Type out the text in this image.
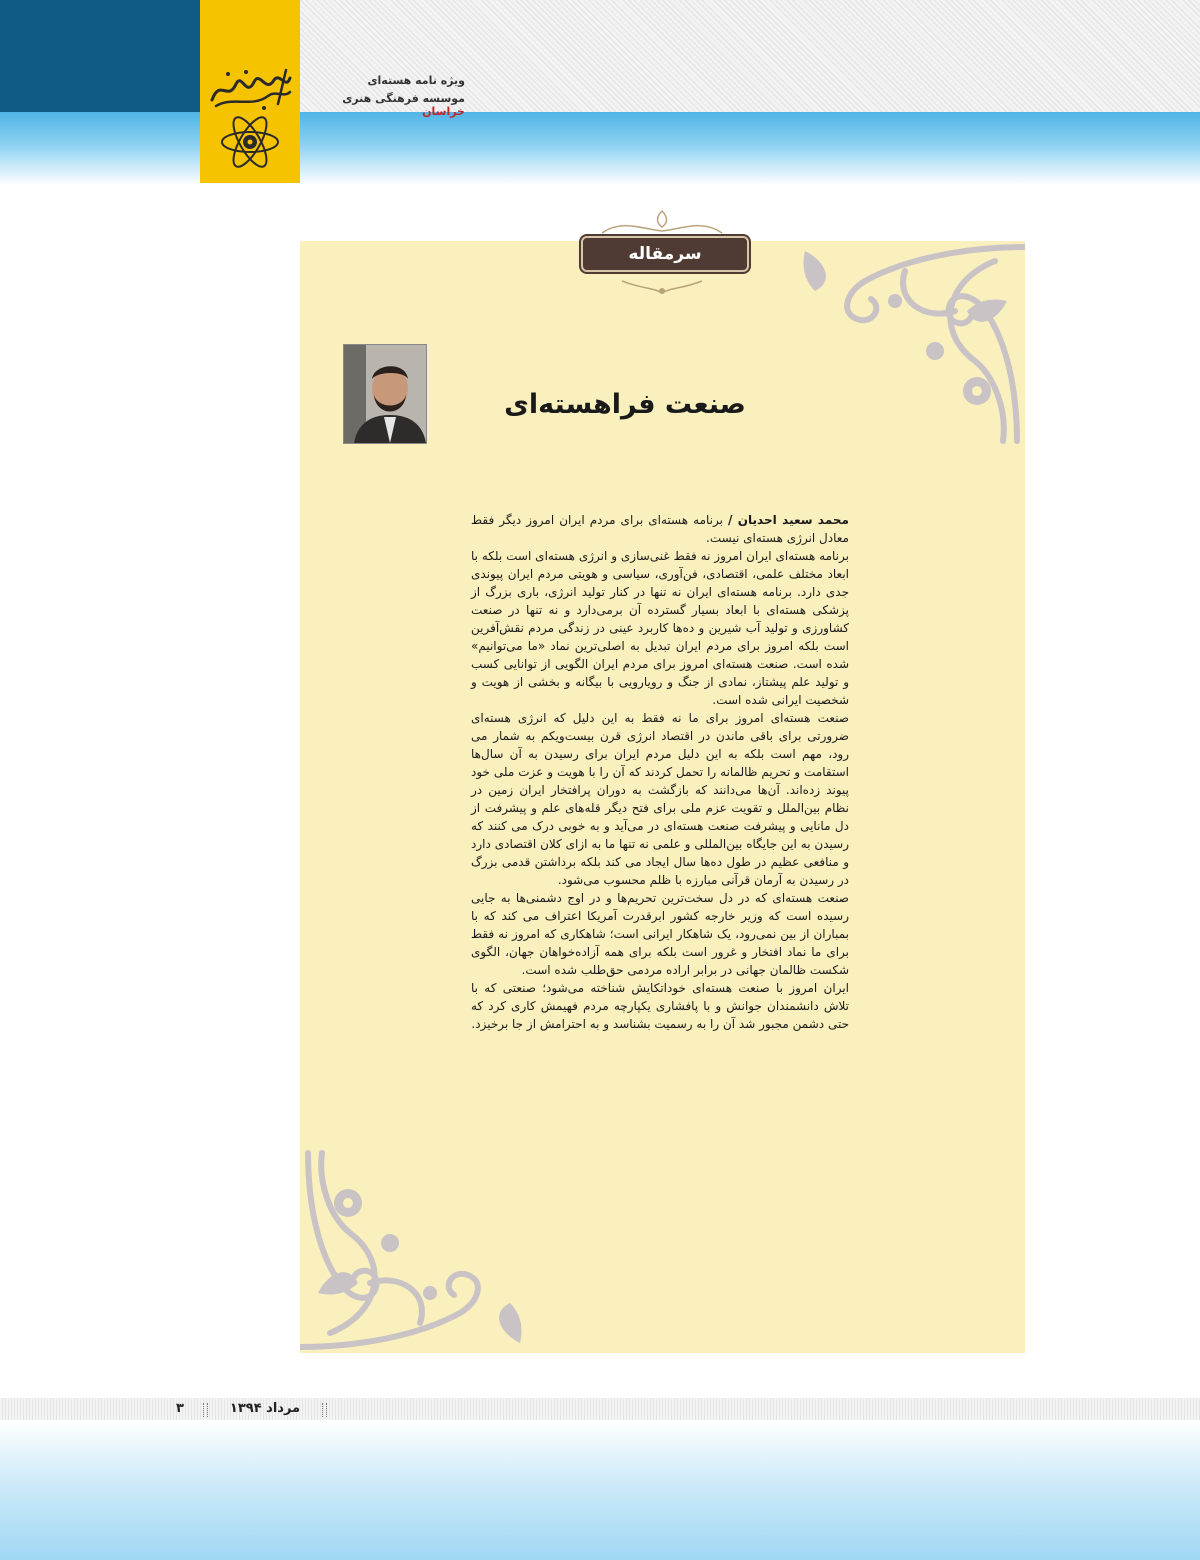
ویژه نامه هسته‌ای
موسسه فرهنگی هنری خراسان
سرمقاله
صنعت فراهسته‌ای

محمد سعید احدیان / برنامه هسته‌ای برای مردم ایران امروز دیگر فقط معادل انرژی هسته‌ای نیست.

برنامه هسته‌ای ایران امروز نه فقط غنی‌سازی و انرژی هسته‌ای است بلکه با ابعاد مختلف علمی، اقتصادی، فن‌آوری، سیاسی و هویتی مردم ایران پیوندی جدی دارد. برنامه هسته‌ای ایران نه تنها در کنار تولید انرژی، باری بزرگ از پزشکی هسته‌ای با ابعاد بسیار گسترده آن برمی‌دارد و نه تنها در صنعت کشاورزی و تولید آب شیرین و ده‌ها کاربرد عینی در زندگی مردم نقش‌آفرین است بلکه امروز برای مردم ایران تبدیل به اصلی‌ترین نماد «ما می‌توانیم» شده است. صنعت هسته‌ای امروز برای مردم ایران الگویی از توانایی کسب و تولید علم پیشتاز، نمادی از جنگ و رویارویی با بیگانه و بخشی از هویت و شخصیت ایرانی شده است.

صنعت هسته‌ای امروز برای ما نه فقط به این دلیل که انرژی هسته‌ای ضرورتی برای باقی ماندن در اقتصاد انرژی قرن بیست‌ویکم به شمار می رود، مهم است بلکه به این دلیل مردم ایران برای رسیدن به آن سال‌ها استقامت و تحریم ظالمانه را تحمل کردند که آن را با هویت و عزت ملی خود پیوند زده‌اند. آن‌ها می‌دانند که بازگشت به دوران پرافتخار ایران زمین در نظام بین‌الملل و تقویت عزم ملی برای فتح دیگر قله‌های علم و پیشرفت از دل مانایی و پیشرفت صنعت هسته‌ای در می‌آید و به خوبی درک می کنند که رسیدن به این جایگاه بین‌المللی و علمی نه تنها ما به ازای کلان اقتصادی دارد و منافعی عظیم در طول ده‌ها سال ایجاد می کند بلکه برداشتن قدمی بزرگ در رسیدن به آرمان قرآنی مبارزه با ظلم محسوب می‌شود.

صنعت هسته‌ای که در دل سخت‌ترین تحریم‌ها و در اوج دشمنی‌ها به جایی رسیده است که وزیر خارجه کشور ابرقدرت آمریکا اعتراف می کند که با بمباران از بین نمی‌رود، یک شاهکار ایرانی است؛ شاهکاری که امروز نه فقط برای ما نماد افتخار و غرور است بلکه برای همه آزاده‌خواهان جهان، الگوی شکست ظالمان جهانی در برابر اراده مردمی حق‌طلب شده است.

ایران امروز با صنعت هسته‌ای خوداتکایش شناخته می‌شود؛ صنعتی که با تلاش دانشمندان جوانش و با پافشاری یکپارچه مردم فهیمش کاری کرد که حتی دشمن مجبور شد آن را به رسمیت بشناسد و به احترامش از جا برخیزد.

۳	مرداد ۱۳۹۴
